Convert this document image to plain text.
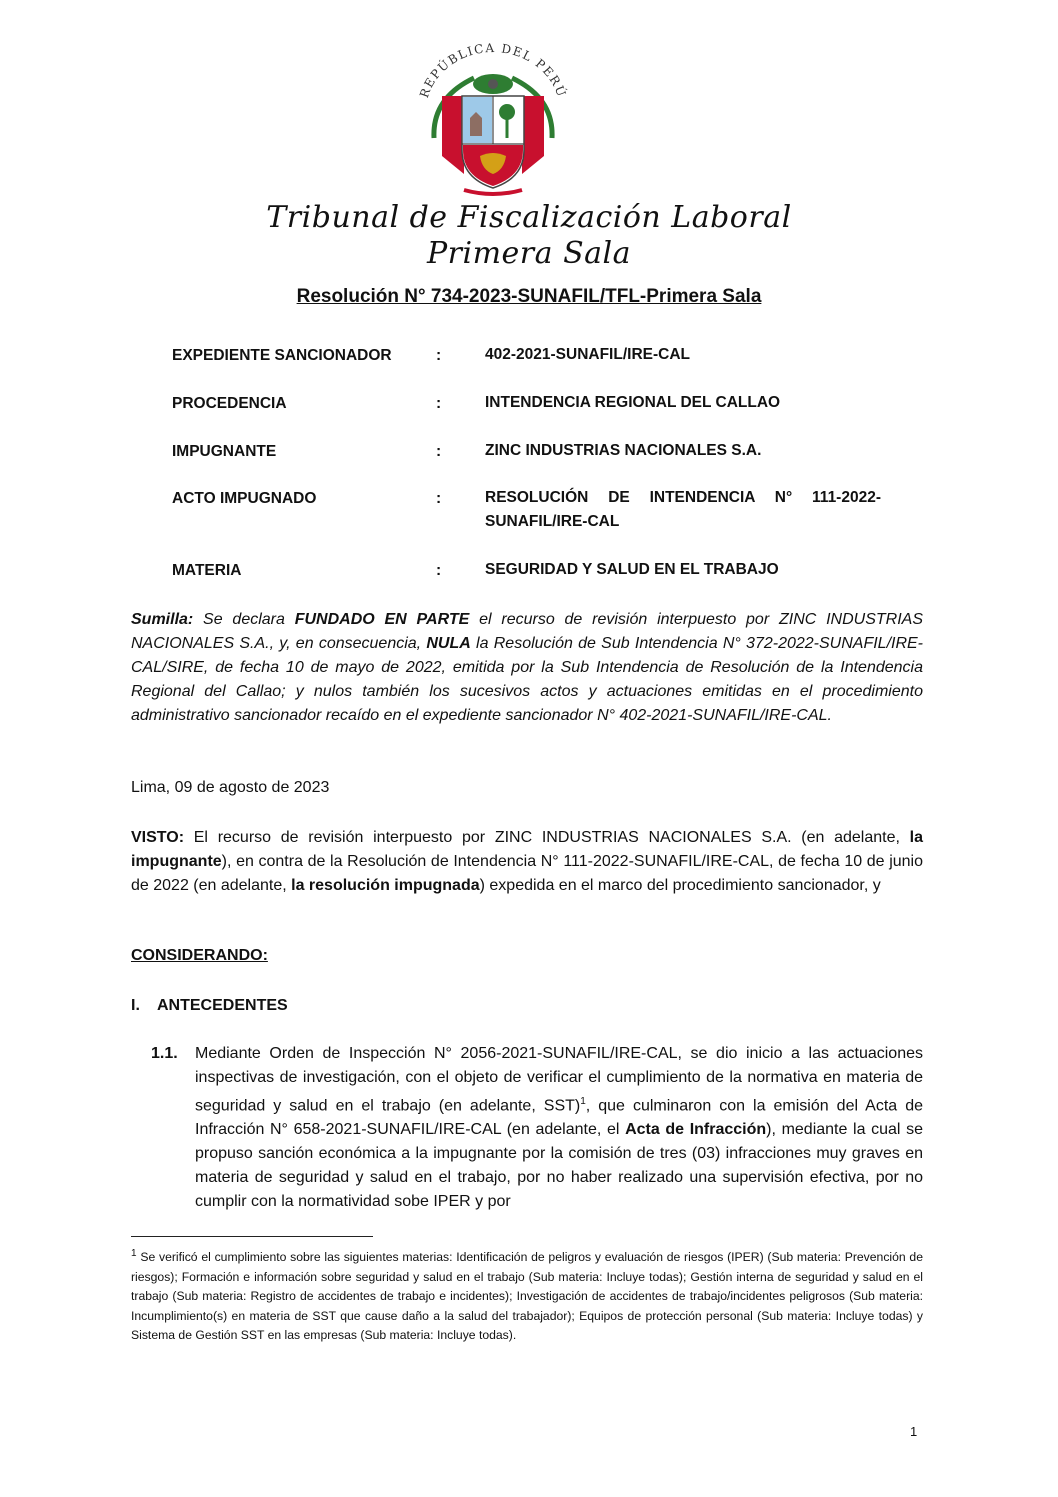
REPÚBLICA DEL PERÚ
Tribunal de Fiscalización Laboral
Primera Sala
Resolución N° 734-2023-SUNAFIL/TFL-Primera Sala
EXPEDIENTE SANCIONADOR	:	402-2021-SUNAFIL/IRE-CAL
PROCEDENCIA	:	INTENDENCIA REGIONAL DEL CALLAO
IMPUGNANTE	:	ZINC INDUSTRIAS NACIONALES S.A.
ACTO IMPUGNADO	:	RESOLUCIÓN DE INTENDENCIA N° 111-2022-SUNAFIL/IRE-CAL
MATERIA	:	SEGURIDAD Y SALUD EN EL TRABAJO
Sumilla: Se declara FUNDADO EN PARTE el recurso de revisión interpuesto por ZINC INDUSTRIAS NACIONALES S.A., y, en consecuencia, NULA la Resolución de Sub Intendencia N° 372-2022-SUNAFIL/IRE-CAL/SIRE, de fecha 10 de mayo de 2022, emitida por la Sub Intendencia de Resolución de la Intendencia Regional del Callao; y nulos también los sucesivos actos y actuaciones emitidas en el procedimiento administrativo sancionador recaído en el expediente sancionador N° 402-2021-SUNAFIL/IRE-CAL.
Lima, 09 de agosto de 2023
VISTO: El recurso de revisión interpuesto por ZINC INDUSTRIAS NACIONALES S.A. (en adelante, la impugnante), en contra de la Resolución de Intendencia N° 111-2022-SUNAFIL/IRE-CAL, de fecha 10 de junio de 2022 (en adelante, la resolución impugnada) expedida en el marco del procedimiento sancionador, y
CONSIDERANDO:
I. ANTECEDENTES
1.1. Mediante Orden de Inspección N° 2056-2021-SUNAFIL/IRE-CAL, se dio inicio a las actuaciones inspectivas de investigación, con el objeto de verificar el cumplimiento de la normativa en materia de seguridad y salud en el trabajo (en adelante, SST)$^1$, que culminaron con la emisión del Acta de Infracción N° 658-2021-SUNAFIL/IRE-CAL (en adelante, el Acta de Infracción), mediante la cual se propuso sanción económica a la impugnante por la comisión de tres (03) infracciones muy graves en materia de seguridad y salud en el trabajo, por no haber realizado una supervisión efectiva, por no cumplir con la normatividad sobe IPER y por
$^1$ Se verificó el cumplimiento sobre las siguientes materias: Identificación de peligros y evaluación de riesgos (IPER) (Sub materia: Prevención de riesgos); Formación e información sobre seguridad y salud en el trabajo (Sub materia: Incluye todas); Gestión interna de seguridad y salud en el trabajo (Sub materia: Registro de accidentes de trabajo e incidentes); Investigación de accidentes de trabajo/incidentes peligrosos (Sub materia: Incumplimiento(s) en materia de SST que cause daño a la salud del trabajador); Equipos de protección personal (Sub materia: Incluye todas) y Sistema de Gestión SST en las empresas (Sub materia: Incluye todas).
1
